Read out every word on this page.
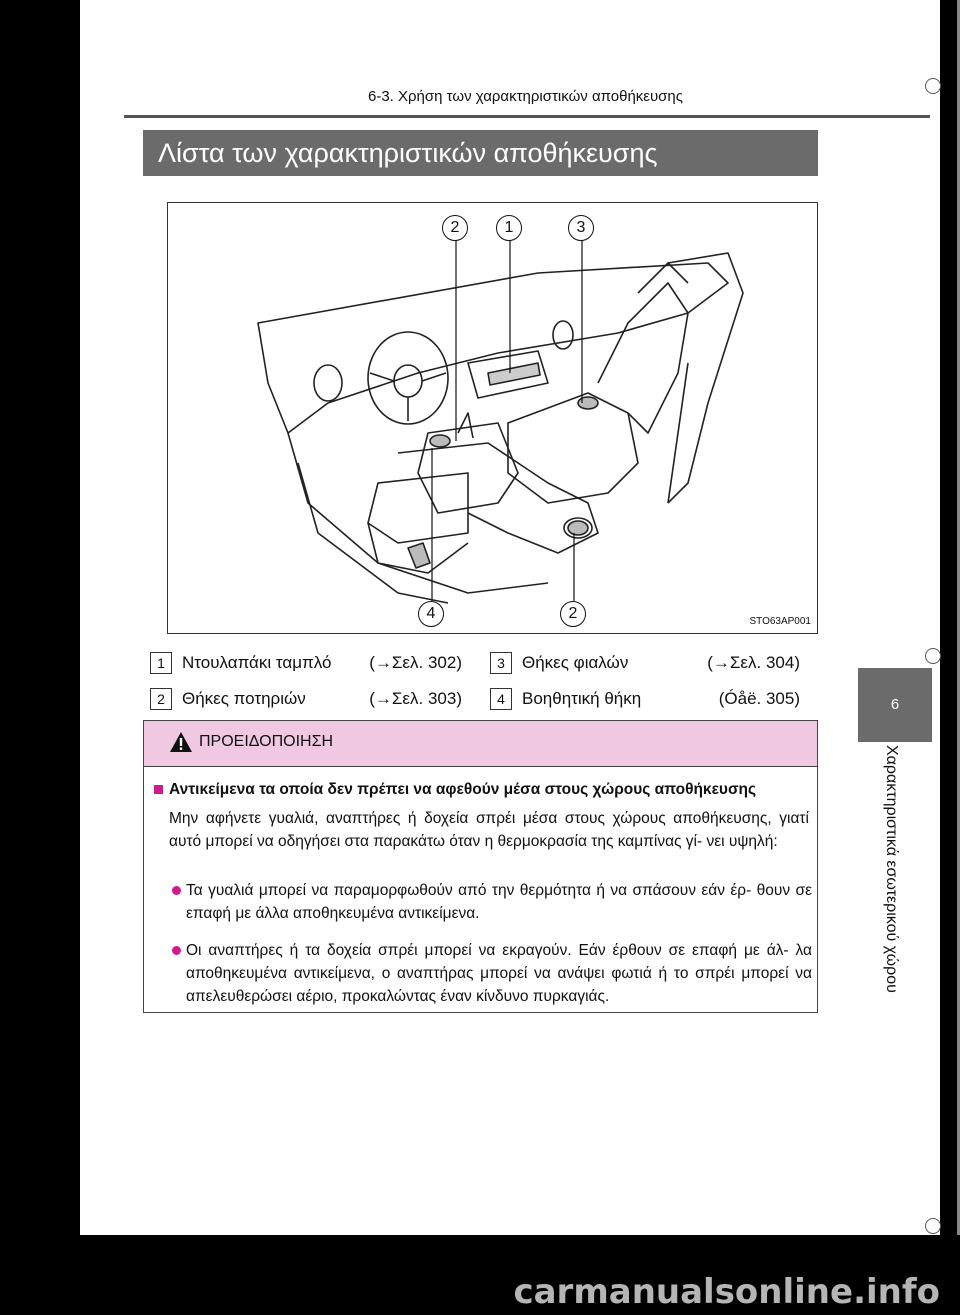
6-3. Χρήση των χαρακτηριστικών αποθήκευσης
Λίστα των χαρακτηριστικών αποθήκευσης
2	1	3
4	2	STO63AP001
1	Ντουλαπάκι ταμπλό (→Σελ. 302)
2	Θήκες ποτηριών	(→Σελ. 303)
3	Θήκες φιαλών	(→Σελ. 304)
4	Βοηθητική θήκη	(Óåë. 305)
ΠΡΟΕΙΔΟΠΟΙΗΣΗ
Αντικείμενα τα οποία δεν πρέπει να αφεθούν μέσα στους χώρους αποθήκευσης
Μην αφήνετε γυαλιά, αναπτήρες ή δοχεία σπρέι μέσα στους χώρους αποθήκευσης, γιατί αυτό μπορεί να οδηγήσει στα παρακάτω όταν η θερμοκρασία της καμπίνας γί- νει υψηλή:
Τα γυαλιά μπορεί να παραμορφωθούν από την θερμότητα ή να σπάσουν εάν έρ- θουν σε επαφή με άλλα αποθηκευμένα αντικείμενα.
Οι αναπτήρες ή τα δοχεία σπρέι μπορεί να εκραγούν. Εάν έρθουν σε επαφή με άλ- λα αποθηκευμένα αντικείμενα, ο αναπτήρας μπορεί να ανάψει φωτιά ή το σπρέι μπορεί να απελευθερώσει αέριο, προκαλώντας έναν κίνδυνο πυρκαγιάς.
6
Χαρακτηριστικά εσωτερικού χώρου
carmanualsonline.info
